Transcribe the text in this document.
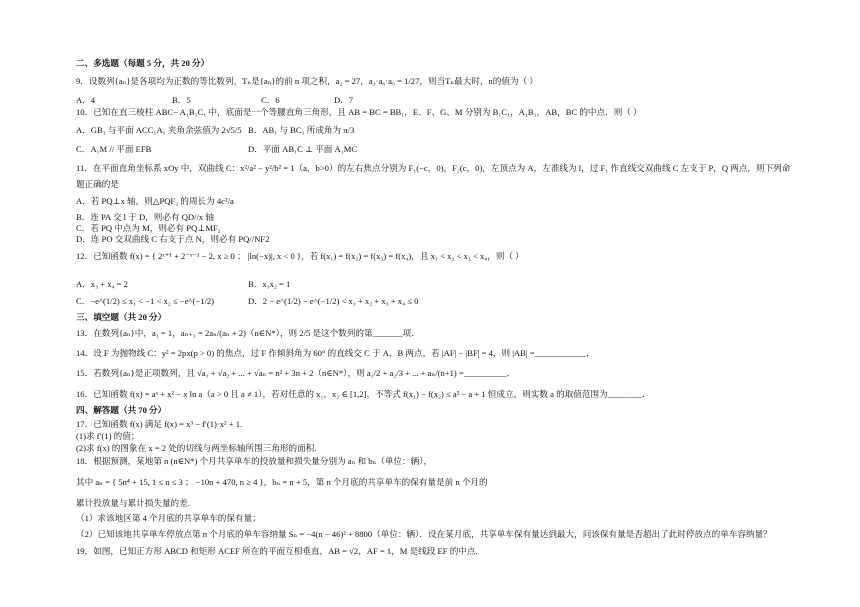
二、多选题（每题 5 分，共 20 分）
9．设数列{aₙ}是各项均为正数的等比数列，Tₙ是{aₙ}的前 n 项之积，a₂ = 27，a₃·a₆·a₉ = 1/27，则当Tₙ最大时，n的值为（ ）
A．4	B．5	C．6	D．7
10．已知在直三棱柱 ABC− A₁B₁C₁ 中，底面是一个等腰直角三角形，且 AB = BC = BB₁，E、F、G、M 分别为 B₁C₁，A₁B₁，AB，BC 的中点．则（ ）
A．GB₁ 与平面 ACC₁A₁ 夹角余弦值为 2√5/5 B．AB₁ 与 BC₁ 所成角为 π/3
C．A₁M // 平面 EFB	D．平面 AB₁C ⊥ 平面 A₁MC
11．在平面直角坐标系 xOy 中，双曲线 C：x²/a² − y²/b² = 1（a，b>0）的左右焦点分别为 F₁(−c，0)，F₂(c，0)，左顶点为 A，左准线为 l，过 F₁ 作直线交双曲线 C 左支于 P，Q 两点，则下列命
题正确的是
A．若 PQ⊥x 轴，则△PQF₂ 的周长为 4c²/a
B．连 PA 交 l 于 D，则必有 QD//x 轴
C．若 PQ 中点为 M，则必有 PQ⊥MF₂
D．连 PO 交双曲线 C 右支于点 N，则必有 PQ//NF2
12．已知函数 f(x) = { 2ˣ⁺¹ + 2⁻ˣ⁻¹ − 2, x ≥ 0 ； |ln(−x)|, x < 0 }，若 f(x₁) = f(x₂) = f(x₃) = f(x₄)，且 x₁ < x₂ < x₃ < x₄，则（ ）
A．x₃ + x₄ = 2	B．x₁x₂ = 1
C．−e^(1/2) ≤ x₁ < −1 < x₂ ≤ −e^(−1/2)	D．2 − e^(1/2) − e^(−1/2) < x₁ + x₂ + x₃ + x₄ ≤ 0
三、填空题（共 20 分）
13．在数列{aₙ}中，a₁ = 1，aₙ₊₁ = 2aₙ/(aₙ + 2)（n∈N*），则 2/5 是这个数列的第_______项．
14．设 F 为抛物线 C：y² = 2px(p > 0) 的焦点，过 F 作倾斜角为 60° 的直线交 C 于 A，B 两点，若 |AF| − |BF| = 4，则 |AB| =____________．
15．若数列{aₙ}是正项数列，且 √a₁ + √a₂ + ... + √aₙ = n² + 3n + 2（n∈N*），则 a₁/2 + a₂/3 + ... + aₙ/(n+1) =__________．
16．已知函数 f(x) = aˣ + x² − x ln a（a > 0 且 a ≠ 1），若对任意的 x₁，x₂ ∈ [1,2]，不等式 f(x₁) − f(x₂) ≤ a² − a + 1 恒成立，则实数 a 的取值范围为________．
四、解答题（共 70 分）
17．已知函数 f(x) 满足 f(x) = x³ − f′(1)·x² + 1.
(1)求 f′(1) 的值；
(2)求 f(x) 的图象在 x = 2 处的切线与两坐标轴所围三角形的面积.
18．根据预测，某地第 n (n∈N*) 个月共享单车的投放量和损失量分别为 aₙ 和 bₙ（单位：辆），
其中 aₙ = { 5n⁴ + 15, 1 ≤ n ≤ 3 ； −10n + 470, n ≥ 4 }，bₙ = n + 5，第 n 个月底的共享单车的保有量是前 n 个月的
累计投放量与累计损失量的差.
（1）求该地区第 4 个月底的共享单车的保有量；
（2）已知该地共享单车停放点第 n 个月底的单车容纳量 Sₙ = −4(n − 46)² + 8800（单位：辆）．设在某月底，共享单车保有量达到最大，问该保有量是否超出了此时停放点的单车容纳量？
19．如图，已知正方形 ABCD 和矩形 ACEF 所在的平面互相垂直，AB = √2，AF = 1，M 是线段 EF 的中点.
